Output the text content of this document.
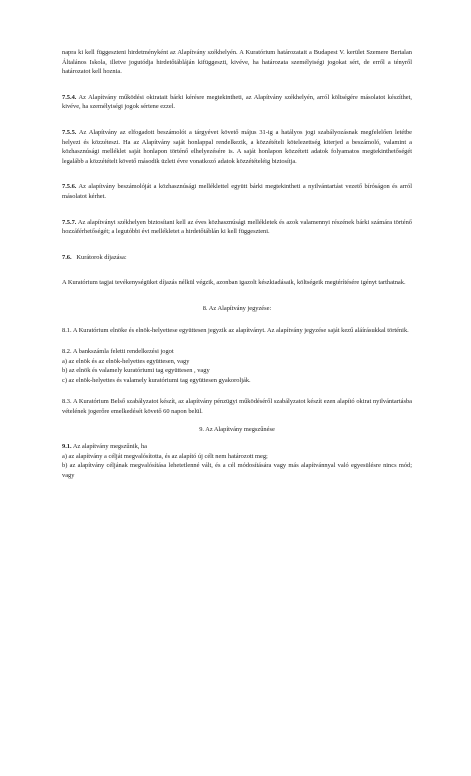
napra ki kell függeszteni hirdetményként az Alapítvány székhelyén. A Kuratórium határozatait a Budapest V. kerület Szemere Bertalan Általános Iskola, illetve jogutódja hirdetőtábláján kifüggeszti, kivéve, ha határozata személyiségi jogokat sért, de erről a tényről határozatot kell hoznia.

7.5.4. Az Alapítvány működési okiratait bárki kérésre megtekintheti, az Alapítvány székhelyén, arról költségére másolatot készíthet, kivéve, ha személyiségi jogok sértene ezzel.

7.5.5. Az Alapítvány az elfogadott beszámolót a tárgyévet követő május 31-ig a hatályos jogi szabályozásnak megfelelően letétbe helyezi és közzéteszi. Ha az Alapítvány saját honlappal rendelkezik, a közzétételi kötelezettség kiterjed a beszámoló, valamint a közhasznúsági melléklet saját honlapon történő elhelyezésére is. A saját honlapon közzétett adatok folyamatos megtekinthetőségét legalább a közzétételt követő második üzleti évre vonatkozó adatok közzétételéig biztosítja.

7.5.6. Az alapítvány beszámolóját a közhasznúsági melléklettel együtt bárki megtekintheti a nyilvántartást vezető bíróságon és arról másolatot kérhet.

7.5.7. Az alapítványi székhelyen biztosítani kell az éves közhasznúsági mellékletek és azok valamennyi részének bárki számára történő hozzáférhetőségét; a legutóbbi évi mellékletet a hirdetőtáblán ki kell függeszteni.

7.6. Kurátorok díjazása:

A Kuratórium tagjai tevékenységüket díjazás nélkül végzik, azonban igazolt készkiadásaik, költségeik megtérítésére igényt tarthatnak.

8. Az Alapítvány jegyzése:

8.1. A Kuratórium elnöke és elnök-helyettese együttesen jegyzik az alapítványt. Az alapítvány jegyzése saját kezű aláírásukkal történik.

8.2. A bankszámla feletti rendelkezési jogot

a) az elnök és az elnök-helyettes együttesen, vagy

b) az elnök és valamely kuratóriumi tag együttesen , vagy

c) az elnök-helyettes és valamely kuratóriumi tag együttesen gyakorolják.

8.3. A Kuratórium Belső szabályzatot készít, az alapítvány pénzügyi működéséről szabályzatot készít ezen alapító okirat nyilvántartásba vételének jogerőre emelkedését követő 60 napon belül.

9. Az Alapítvány megszűnése

9.1. Az alapítvány megszűnik, ha

a) az alapítvány a célját megvalósította, és az alapító új célt nem határozott meg;

b) az alapítvány céljának megvalósítása lehetetlenné vált, és a cél módosítására vagy más alapítvánnyal való egyesülésre nincs mód; vagy
